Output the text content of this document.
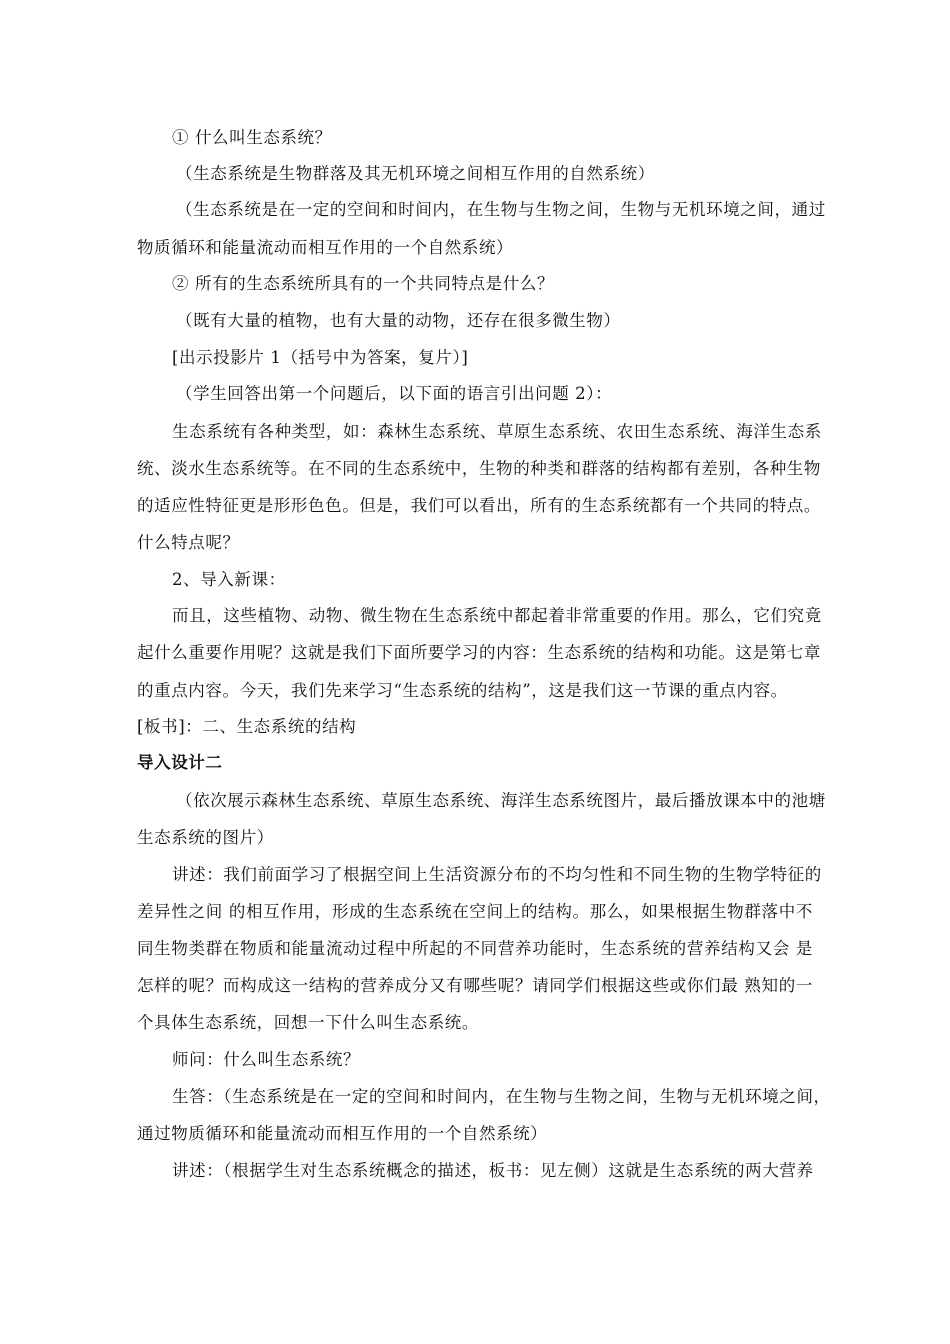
① 什么叫生态系统？
（生态系统是生物群落及其无机环境之间相互作用的自然系统）
（生态系统是在一定的空间和时间内，在生物与生物之间，生物与无机环境之间，通过
物质循环和能量流动而相互作用的一个自然系统）
② 所有的生态系统所具有的一个共同特点是什么？
（既有大量的植物，也有大量的动物，还存在很多微生物）
[出示投影片 1（括号中为答案，复片）]
（学生回答出第一个问题后，以下面的语言引出问题 2）：
生态系统有各种类型，如：森林生态系统、草原生态系统、农田生态系统、海洋生态系
统、淡水生态系统等。在不同的生态系统中，生物的种类和群落的结构都有差别，各种生物
的适应性特征更是形形色色。但是，我们可以看出，所有的生态系统都有一个共同的特点。
什么特点呢？
2、导入新课：
而且，这些植物、动物、微生物在生态系统中都起着非常重要的作用。那么，它们究竟
起什么重要作用呢？这就是我们下面所要学习的内容：生态系统的结构和功能。这是第七章
的重点内容。今天，我们先来学习“生态系统的结构”，这是我们这一节课的重点内容。
[板书]：二、生态系统的结构
导入设计二
（依次展示森林生态系统、草原生态系统、海洋生态系统图片，最后播放课本中的池塘
生态系统的图片）
讲述：我们前面学习了根据空间上生活资源分布的不均匀性和不同生物的生物学特征的
差异性之间 的相互作用，形成的生态系统在空间上的结构。那么，如果根据生物群落中不
同生物类群在物质和能量流动过程中所起的不同营养功能时，生态系统的营养结构又会 是
怎样的呢？而构成这一结构的营养成分又有哪些呢？请同学们根据这些或你们最 熟知的一
个具体生态系统，回想一下什么叫生态系统。
师问：什么叫生态系统？
生答：（生态系统是在一定的空间和时间内，在生物与生物之间，生物与无机环境之间，
通过物质循环和能量流动而相互作用的一个自然系统）
讲述：（根据学生对生态系统概念的描述，板书：见左侧）这就是生态系统的两大营养
